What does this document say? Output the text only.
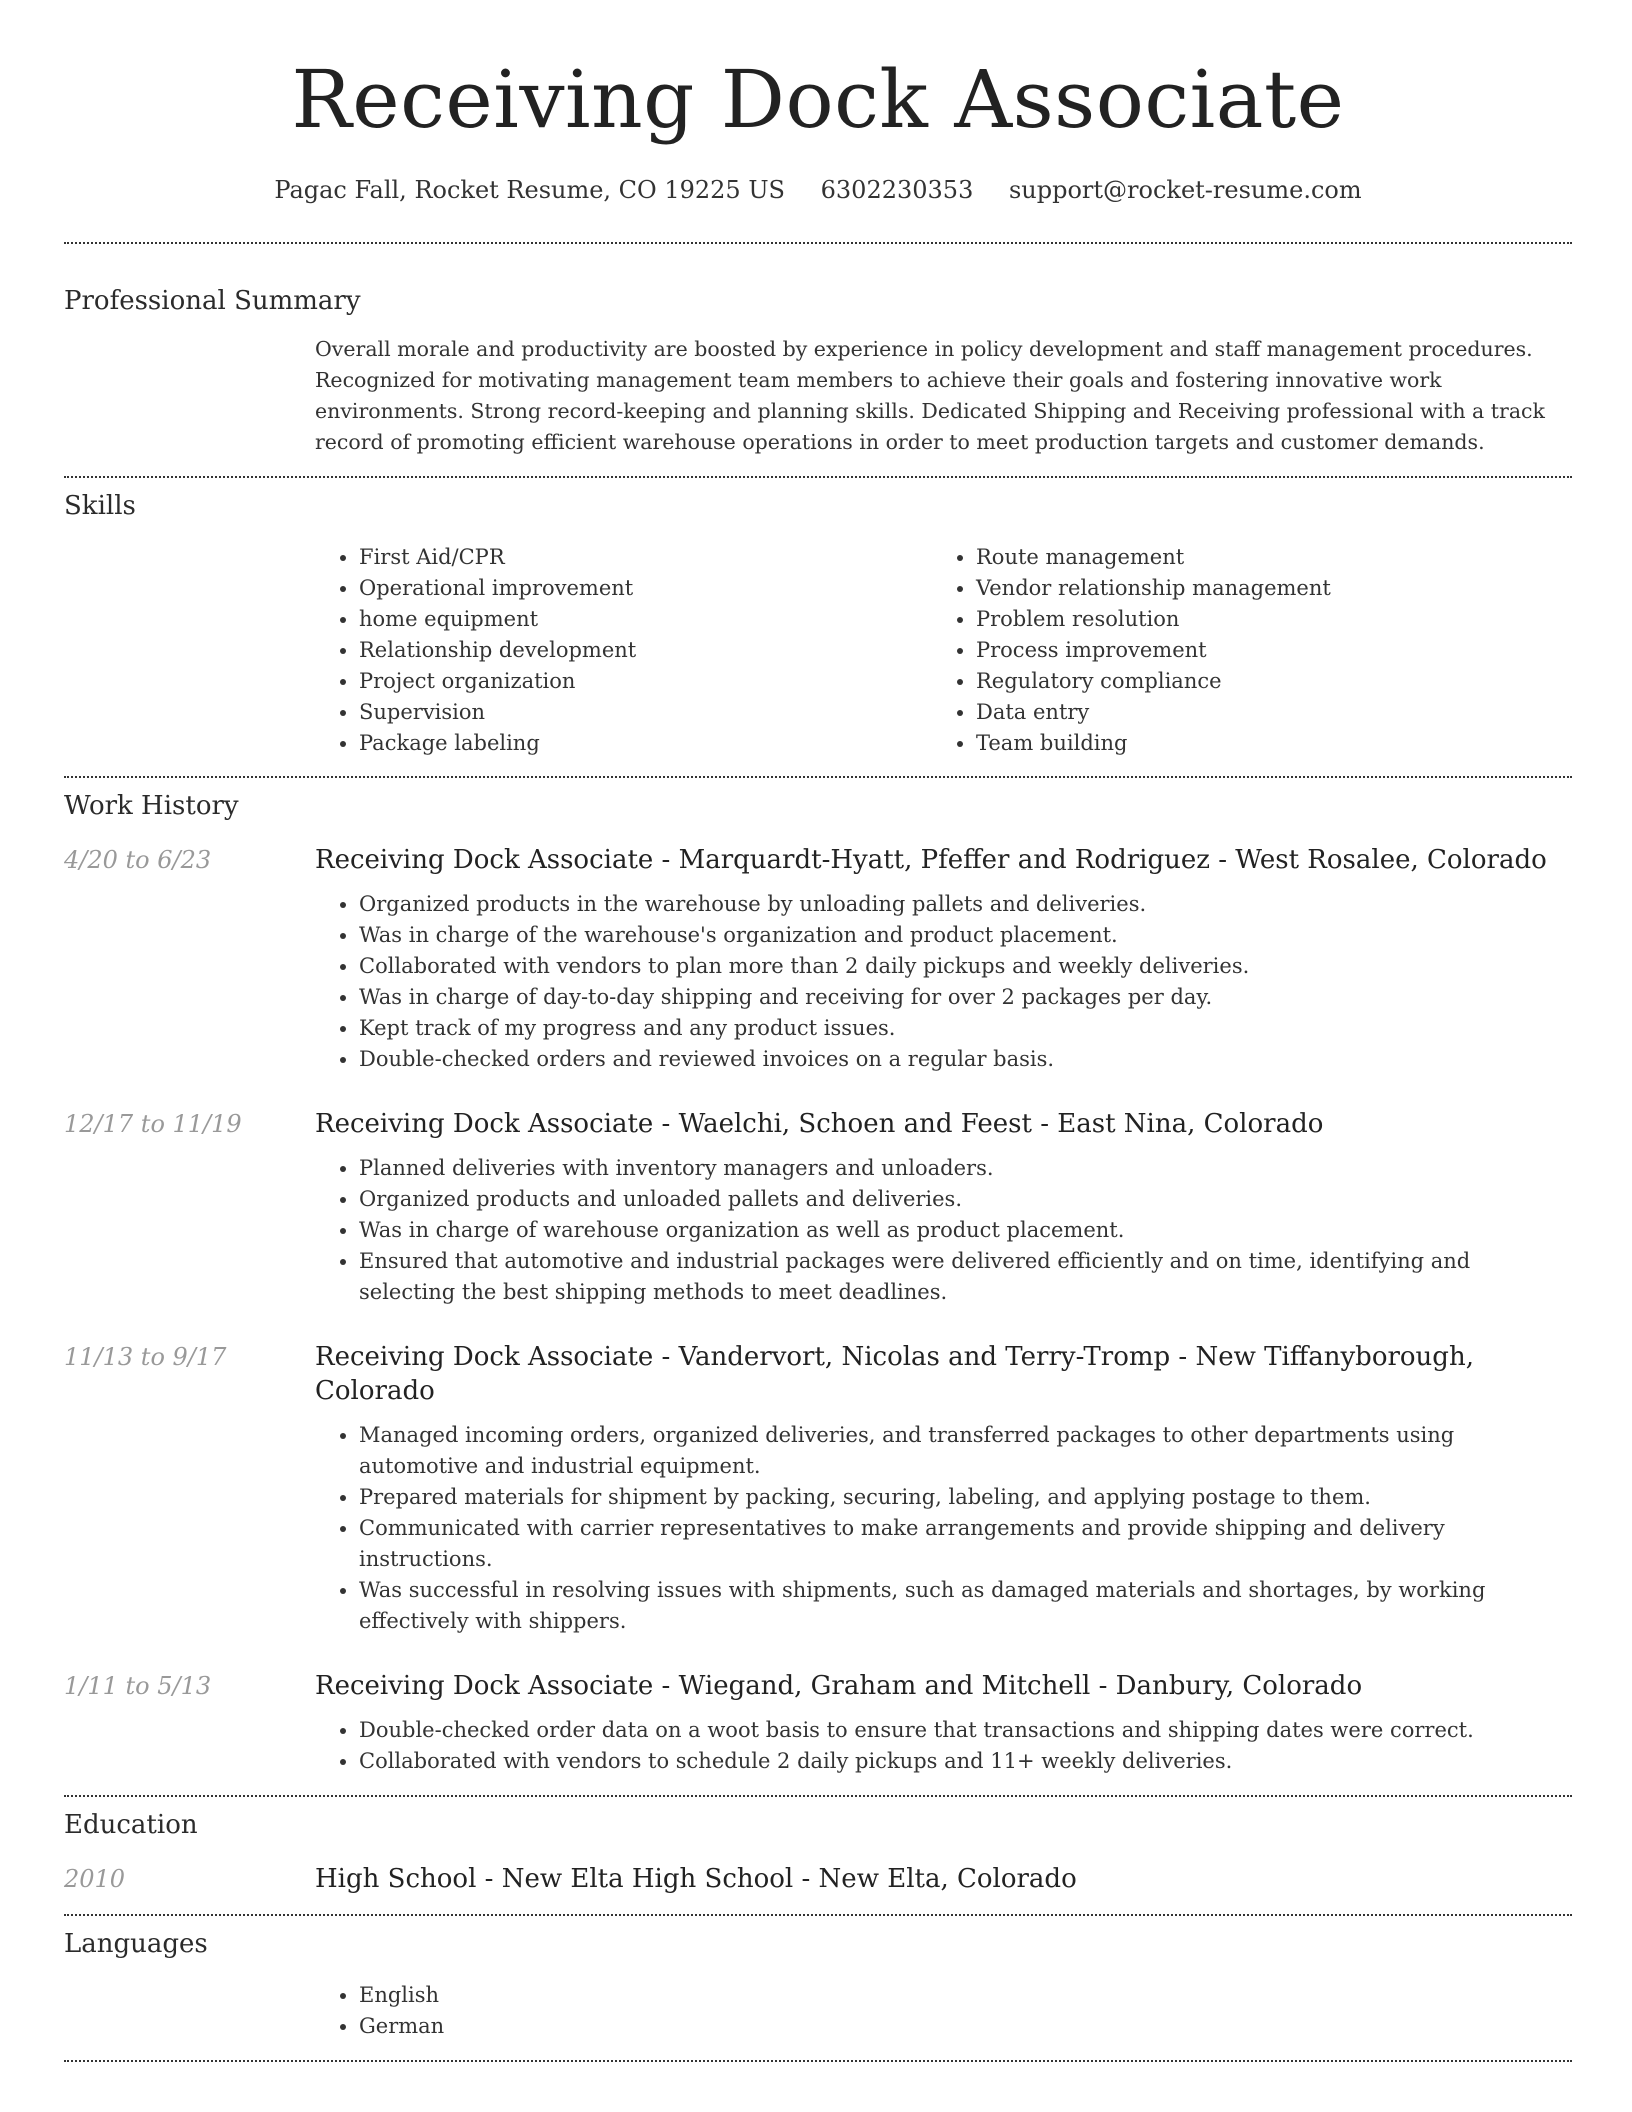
Receiving Dock Associate
Pagac Fall, Rocket Resume, CO 19225 US 6302230353 support@rocket-resume.com
Professional Summary

Overall morale and productivity are boosted by experience in policy development and staff management procedures. Recognized for motivating management team members to achieve their goals and fostering innovative work environments. Strong record-keeping and planning skills. Dedicated Shipping and Receiving professional with a track record of promoting efficient warehouse operations in order to meet production targets and customer demands.

Skills
• First Aid/CPR
• Operational improvement
• home equipment
• Relationship development
• Project organization
• Supervision
• Package labeling
• Route management
• Vendor relationship management
• Problem resolution
• Process improvement
• Regulatory compliance
• Data entry
• Team building
Work History
4/20 to 6/23	Receiving Dock Associate - Marquardt-Hyatt, Pfeffer and Rodriguez - West Rosalee, Colorado
• Organized products in the warehouse by unloading pallets and deliveries.
• Was in charge of the warehouse's organization and product placement.
• Collaborated with vendors to plan more than 2 daily pickups and weekly deliveries.
• Was in charge of day-to-day shipping and receiving for over 2 packages per day.
• Kept track of my progress and any product issues.
• Double-checked orders and reviewed invoices on a regular basis.
12/17 to 11/19	Receiving Dock Associate - Waelchi, Schoen and Feest - East Nina, Colorado
• Planned deliveries with inventory managers and unloaders.
• Organized products and unloaded pallets and deliveries.
• Was in charge of warehouse organization as well as product placement.
• Ensured that automotive and industrial packages were delivered efficiently and on time, identifying and selecting the best shipping methods to meet deadlines.
11/13 to 9/17	Receiving Dock Associate - Vandervort, Nicolas and Terry-Tromp - New Tiffanyborough, Colorado
• Managed incoming orders, organized deliveries, and transferred packages to other departments using automotive and industrial equipment.
• Prepared materials for shipment by packing, securing, labeling, and applying postage to them.
• Communicated with carrier representatives to make arrangements and provide shipping and delivery instructions.
• Was successful in resolving issues with shipments, such as damaged materials and shortages, by working effectively with shippers.
1/11 to 5/13	Receiving Dock Associate - Wiegand, Graham and Mitchell - Danbury, Colorado
• Double-checked order data on a woot basis to ensure that transactions and shipping dates were correct.
• Collaborated with vendors to schedule 2 daily pickups and 11+ weekly deliveries.
Education
2010	High School - New Elta High School - New Elta, Colorado
Languages
• English
• German
